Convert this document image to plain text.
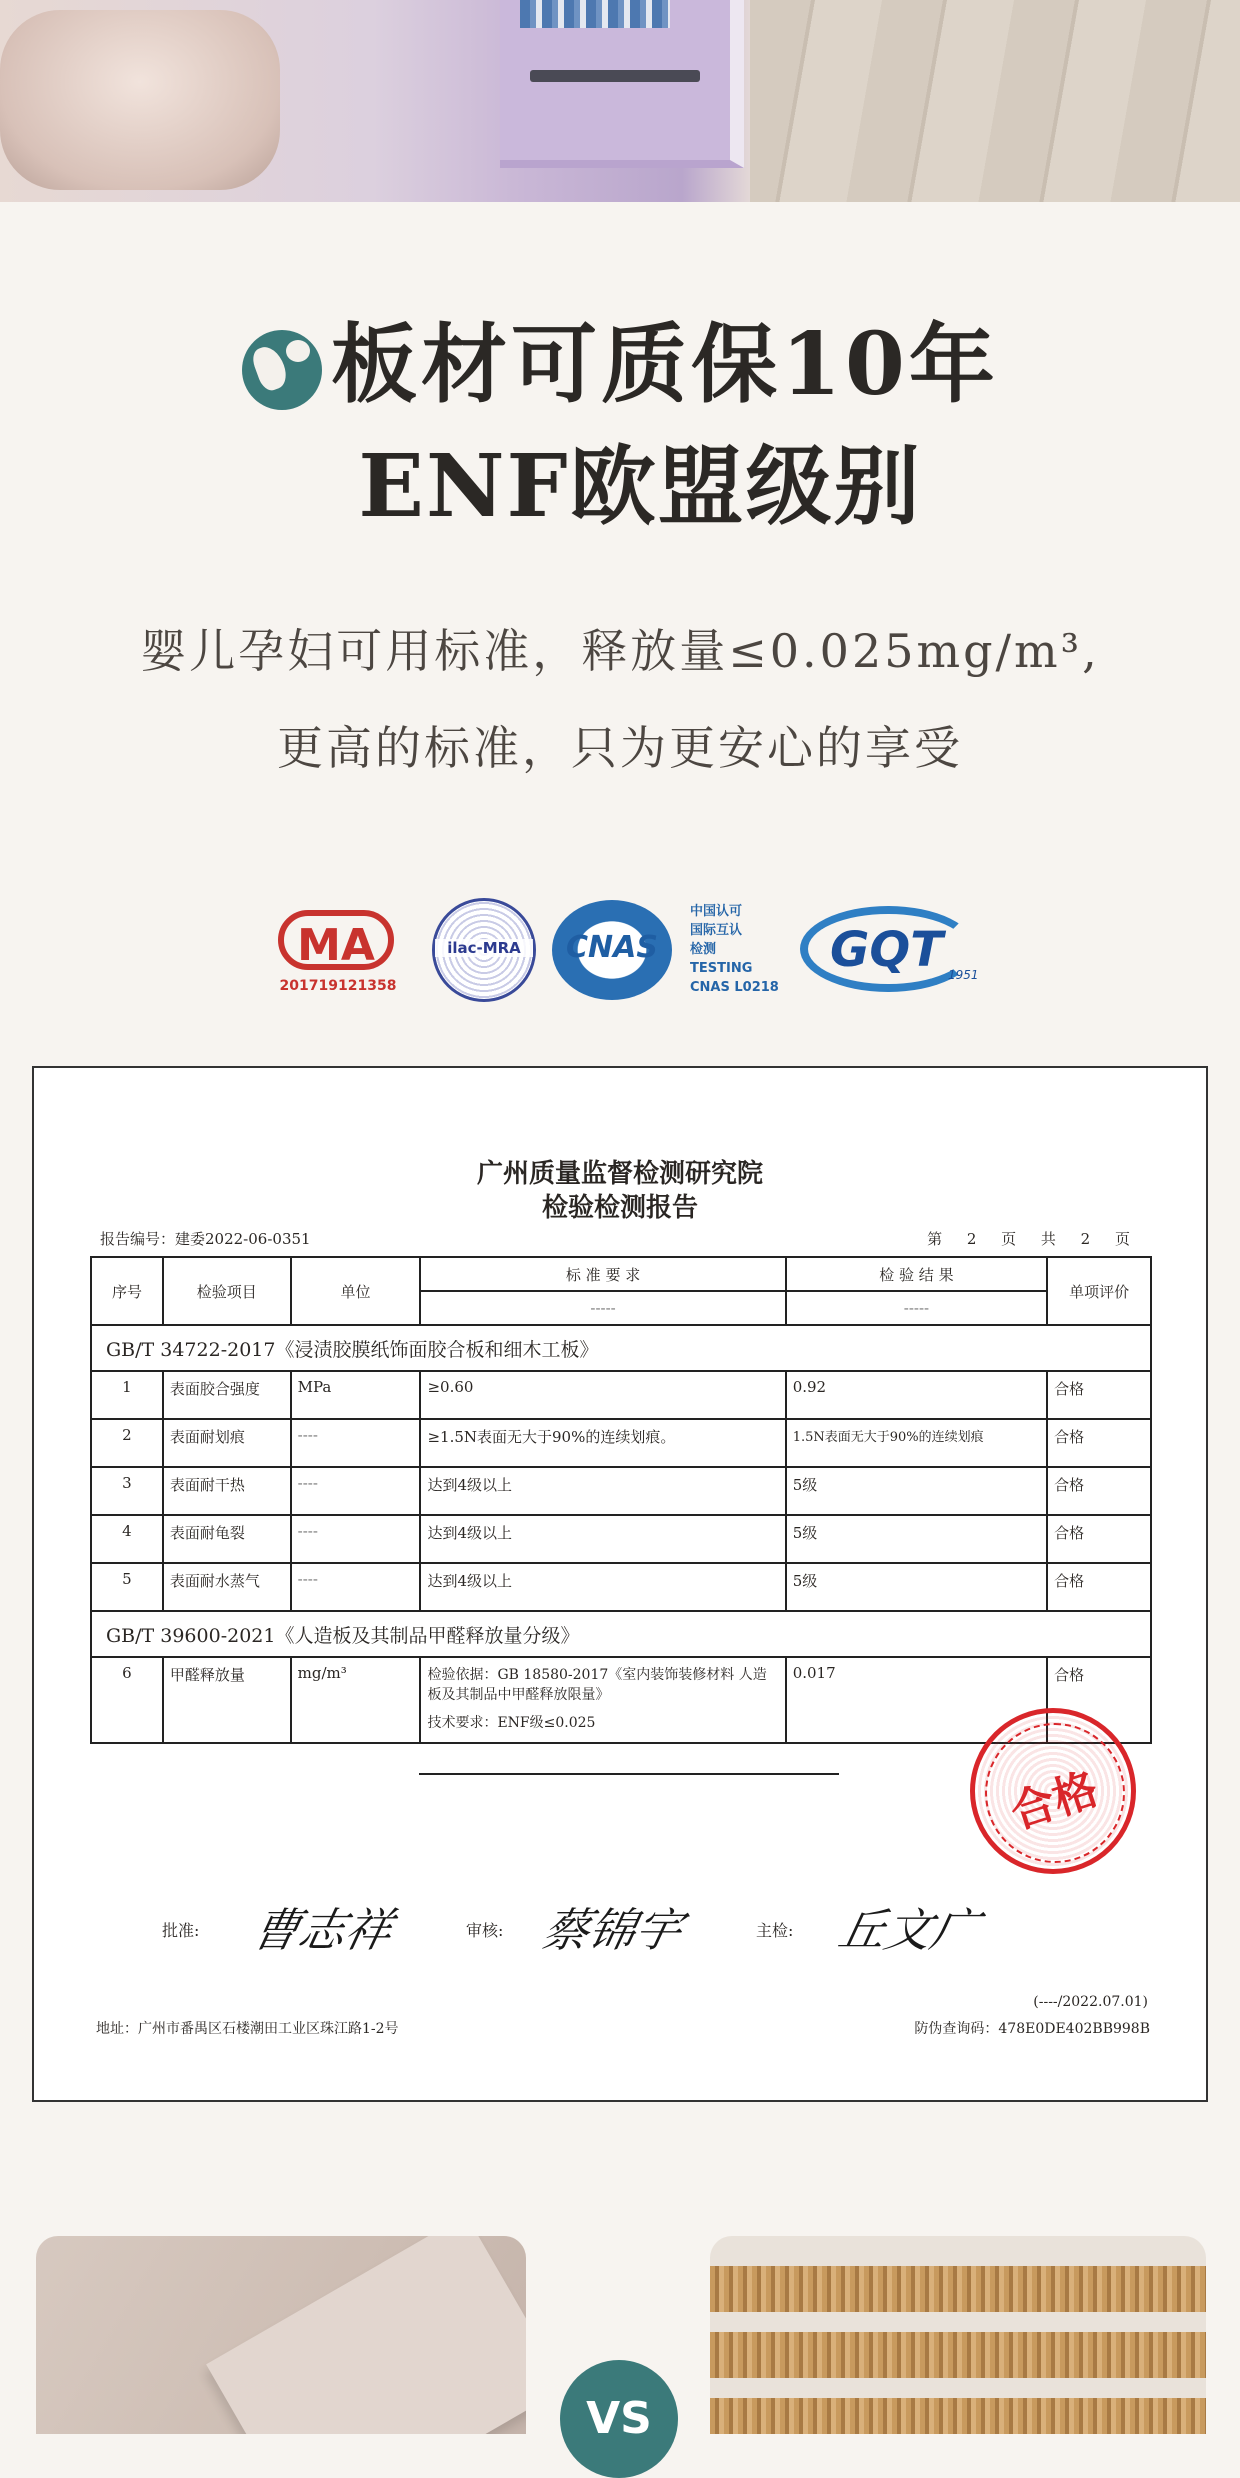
板材可质保10年
ENF欧盟级别
婴儿孕妇可用标准，释放量≤0.025mg/m³,
更高的标准，只为更安心的享受
MA
201719121358
ilac-MRA	CNAS
中国认可
国际互认
检测
TESTING
CNAS L0218
GQT 1951
广州质量监督检测研究院
检验检测报告
报告编号：建委2022-06-0351	第 2 页 共 2 页
序号	检验项目	单位	标 准 要 求	检 验 结 果	单项评价
			-----	-----	
GB/T 34722-2017《浸渍胶膜纸饰面胶合板和细木工板》					
1	表面胶合强度	MPa	≥0.60	0.92	合格
2	表面耐划痕	----	≥1.5N表面无大于90%的连续划痕。	1.5N表面无大于90%的连续划痕	合格
3	表面耐干热	----	达到4级以上	5级	合格
4	表面耐龟裂	----	达到4级以上	5级	合格
5	表面耐水蒸气	----	达到4级以上	5级	合格
GB/T 39600-2021《人造板及其制品甲醛释放量分级》					
6	甲醛释放量	mg/m³	检验依据：GB 18580-2017《室内装饰装修材料 人造板及其制品中甲醛释放限量》
技术要求：ENF级≤0.025	0.017	合格
合格
批准: 曹志祥	审核: 蔡锦宇	主检: 丘文广
(----/2022.07.01)
地址：广州市番禺区石楼潮田工业区珠江路1-2号	防伪查询码：478E0DE402BB998B
VS
